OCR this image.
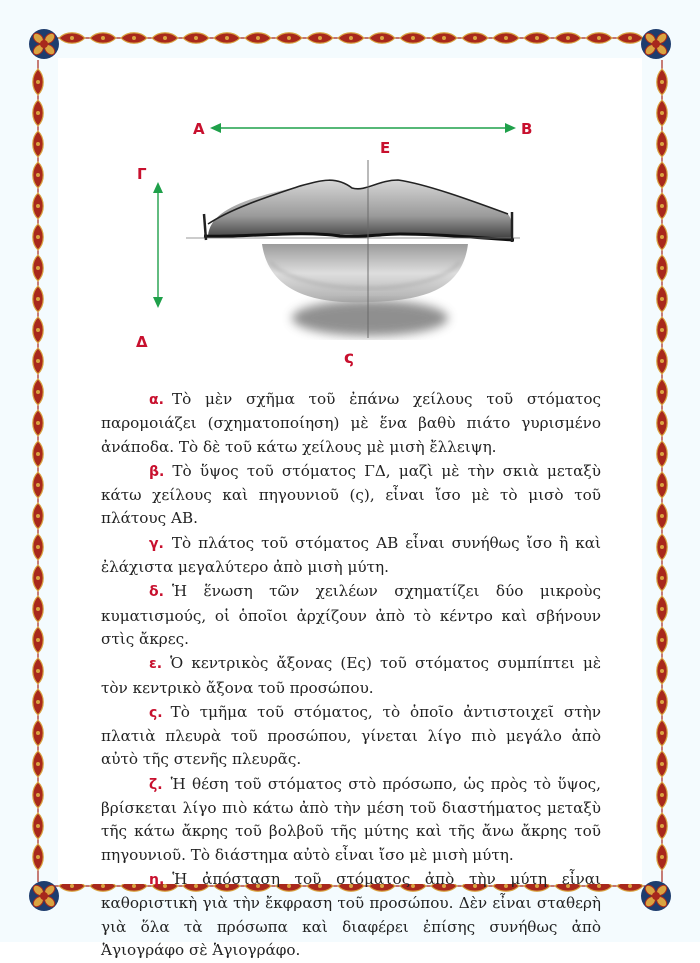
Α	Β
Γ
Δ
Ε
ς

α. Τὸ μὲν σχῆμα τοῦ ἐπάνω χείλους τοῦ στόματος παρομοιάζει (σχηματοποίηση) μὲ ἕνα βαθὺ πιάτο γυρισμένο ἀνάποδα. Τὸ δὲ τοῦ κάτω χείλους μὲ μισὴ ἔλλειψη.

β. Τὸ ὕψος τοῦ στόματος ΓΔ, μαζὶ μὲ τὴν σκιὰ μεταξὺ κάτω χείλους καὶ πηγουνιοῦ (ς), εἶναι ἴσο μὲ τὸ μισὸ τοῦ πλάτους ΑΒ.

γ. Τὸ πλάτος τοῦ στόματος ΑΒ εἶναι συνήθως ἴσο ἢ καὶ ἐλάχιστα μεγαλύτερο ἀπὸ μισὴ μύτη.

δ. Ἡ ἕνωση τῶν χειλέων σχηματίζει δύο μικροὺς κυματισμούς, οἱ ὁποῖοι ἀρχίζουν ἀπὸ τὸ κέντρο καὶ σβήνουν στὶς ἄκρες.

ε. Ὁ κεντρικὸς ἄξονας (Ες) τοῦ στόματος συμπίπτει μὲ τὸν κεντρικὸ ἄξονα τοῦ προσώπου.

ς. Τὸ τμῆμα τοῦ στόματος, τὸ ὁποῖο ἀντιστοιχεῖ στὴν πλατιὰ πλευρὰ τοῦ προσώπου, γίνεται λίγο πιὸ μεγάλο ἀπὸ αὐτὸ τῆς στενῆς πλευρᾶς.

ζ. Ἡ θέση τοῦ στόματος στὸ πρόσωπο, ὡς πρὸς τὸ ὕψος, βρίσκεται λίγο πιὸ κάτω ἀπὸ τὴν μέση τοῦ διαστήματος μεταξὺ τῆς κάτω ἄκρης τοῦ βολβοῦ τῆς μύτης καὶ τῆς ἄνω ἄκρης τοῦ πηγουνιοῦ. Τὸ διάστημα αὐτὸ εἶναι ἴσο μὲ μισὴ μύτη.

η. Ἡ ἀπόσταση τοῦ στόματος ἀπὸ τὴν μύτη εἶναι καθοριστικὴ γιὰ τὴν ἔκφραση τοῦ προσώπου. Δὲν εἶναι σταθερὴ γιὰ ὅλα τὰ πρόσωπα καὶ διαφέρει ἐπίσης συνήθως ἀπὸ Ἁγιογράφο σὲ Ἁγιογράφο.
